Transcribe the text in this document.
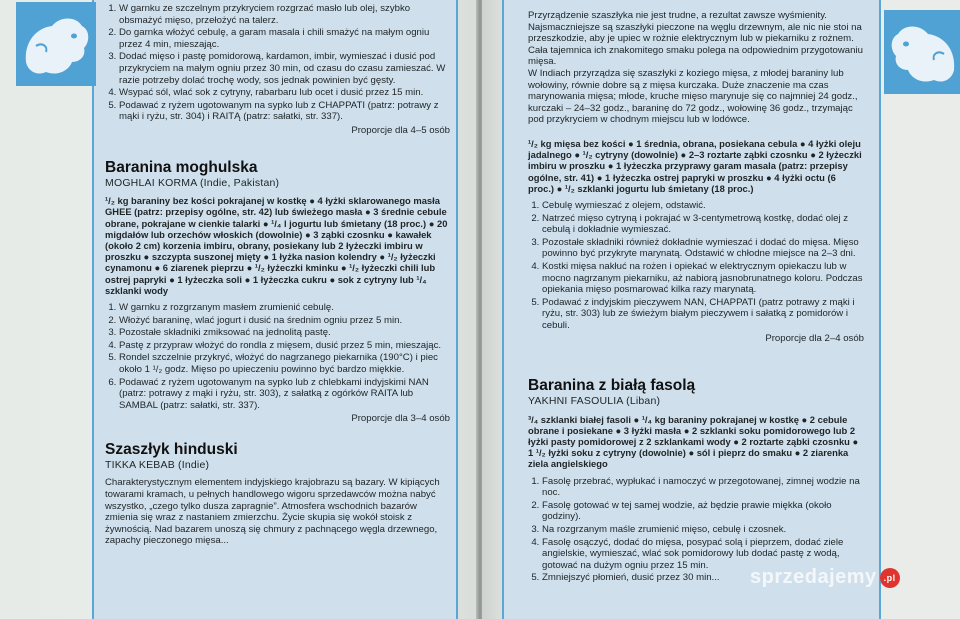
1. W garnku ze szczelnym przykryciem rozgrzać masło lub olej, szybko obsmażyć mięso, przełożyć na talerz.
2. Do garnka włożyć cebulę, a garam masala i chili smażyć na małym ogniu przez 4 min, mieszając.
3. Dodać mięso i pastę pomidorową, kardamon, imbir, wymieszać i dusić pod przykryciem na małym ogniu przez 30 min, od czasu do czasu zamieszać. W razie potrzeby dolać trochę wody, sos jednak powinien być gęsty.
4. Wsypać sól, wlać sok z cytryny, rabarbaru lub ocet i dusić przez 15 min.
5. Podawać z ryżem ugotowanym na sypko lub z CHAPPATI (patrz: potrawy z mąki i ryżu, str. 304) i RAITĄ (patrz: sałatki, str. 337).

Proporcje dla 4–5 osób

Baranina moghulska
MOGHLAI KORMA (Indie, Pakistan)

¹/₂ kg baraniny bez kości pokrajanej w kostkę ● 4 łyżki sklarowanego masła GHEE (patrz: przepisy ogólne, str. 42) lub świeżego masła ● 3 średnie cebule obrane, pokrajane w cienkie talarki ● ¹/₄ l jogurtu lub śmietany (18 proc.) ● 20 migdałów lub orzechów włoskich (dowolnie) ● 3 ząbki czosnku ● kawałek (około 2 cm) korzenia imbiru, obrany, posiekany lub 2 łyżeczki imbiru w proszku ● szczypta suszonej mięty ● 1 łyżka nasion kolendry ● ¹/₂ łyżeczki cynamonu ● 6 ziarenek pieprzu ● ¹/₂ łyżeczki kminku ● ¹/₂ łyżeczki chili lub ostrej papryki ● 1 łyżeczka soli ● 1 łyżeczka cukru ● sok z cytryny lub ¹/₄ szklanki wody

1. W garnku z rozgrzanym masłem zrumienić cebulę.
2. Włożyć baraninę, wlać jogurt i dusić na średnim ogniu przez 5 min.
3. Pozostałe składniki zmiksować na jednolitą pastę.
4. Pastę z przypraw włożyć do rondla z mięsem, dusić przez 5 min, mieszając.
5. Rondel szczelnie przykryć, włożyć do nagrzanego piekarnika (190°C) i piec około 1 ¹/₂ godz. Mięso po upieczeniu powinno być bardzo miękkie.
6. Podawać z ryżem ugotowanym na sypko lub z chlebkami indyjskimi NAN (patrz: potrawy z mąki i ryżu, str. 303), z sałatką z ogórków RAITA lub SAMBAL (patrz: sałatki, str. 337).

Proporcje dla 3–4 osób

Szaszłyk hinduski
TIKKA KEBAB (Indie)

Charakterystycznym elementem indyjskiego krajobrazu są bazary. W kipiących towarami kramach, u pełnych handlowego wigoru sprzedawców można nabyć wszystko, „czego tylko dusza zapragnie”. Atmosfera wschodnich bazarów zmienia się wraz z nastaniem zmierzchu. Życie skupia się wokół stoisk z żywnością. Nad bazarem unoszą się chmury z pachnącego węgla drzewnego, zapachy pieczonego mięsa...

Przyrządzenie szaszłyka nie jest trudne, a rezultat zawsze wyśmienity. Najsmaczniejsze są szaszłyki pieczone na węglu drzewnym, ale nic nie stoi na przeszkodzie, aby je upiec w rożnie elektrycznym lub w piekarniku z rożnem. Cała tajemnica ich znakomitego smaku polega na odpowiednim przygotowaniu mięsa.
W Indiach przyrządza się szaszłyki z koziego mięsa, z młodej baraniny lub wołowiny, równie dobre są z mięsa kurczaka. Duże znaczenie ma czas marynowania mięsa; młode, kruche mięso marynuje się co najmniej 24 godz., kurczaki – 24–32 godz., baraninę do 72 godz., wołowinę 36 godz., trzymając pod przykryciem w chodnym miejscu lub w lodówce.

¹/₂ kg mięsa bez kości ● 1 średnia, obrana, posiekana cebula ● 4 łyżki oleju jadalnego ● ¹/₂ cytryny (dowolnie) ● 2–3 roztarte ząbki czosnku ● 2 łyżeczki imbiru w proszku ● 1 łyżeczka przyprawy garam masala (patrz: przepisy ogólne, str. 41) ● 1 łyżeczka ostrej papryki w proszku ● 4 łyżki octu (6 proc.) ● ¹/₂ szklanki jogurtu lub śmietany (18 proc.)

1. Cebulę wymieszać z olejem, odstawić.
2. Natrzeć mięso cytryną i pokrajać w 3-centymetrową kostkę, dodać olej z cebulą i dokładnie wymieszać.
3. Pozostałe składniki również dokładnie wymieszać i dodać do mięsa. Mięso powinno być przykryte marynatą. Odstawić w chłodne miejsce na 2–3 dni.
4. Kostki mięsa nakłuć na rożen i opiekać w elektrycznym opiekaczu lub w mocno nagrzanym piekarniku, aż nabiorą jasnobrunatnego koloru. Podczas opiekania mięso posmarować kilka razy marynatą.
5. Podawać z indyjskim pieczywem NAN, CHAPPATI (patrz potrawy z mąki i ryżu, str. 303) lub ze świeżym białym pieczywem i sałatką z pomidorów i cebuli.

Proporcje dla 2–4 osób

Baranina z białą fasolą
YAKHNI FASOULIA (Liban)

³/₄ szklanki białej fasoli ● ¹/₄ kg baraniny pokrajanej w kostkę ● 2 cebule obrane i posiekane ● 3 łyżki masła ● 2 szklanki soku pomidorowego lub 2 łyżki pasty pomidorowej z 2 szklankami wody ● 2 roztarte ząbki czosnku ● 1 ¹/₂ łyżki soku z cytryny (dowolnie) ● sól i pieprz do smaku ● 2 ziarenka ziela angielskiego

1. Fasolę przebrać, wypłukać i namoczyć w przegotowanej, zimnej wodzie na noc.
2. Fasolę gotować w tej samej wodzie, aż będzie prawie miękka (około godziny).
3. Na rozgrzanym maśle zrumienić mięso, cebulę i czosnek.
4. Fasolę osączyć, dodać do mięsa, posypać solą i pieprzem, dodać ziele angielskie, wymieszać, wlać sok pomidorowy lub dodać pastę z wodą, gotować na dużym ogniu przez 15 min.
5. Zmniejszyć płomień, dusić przez 30 min...	sprzedajemy .pl
